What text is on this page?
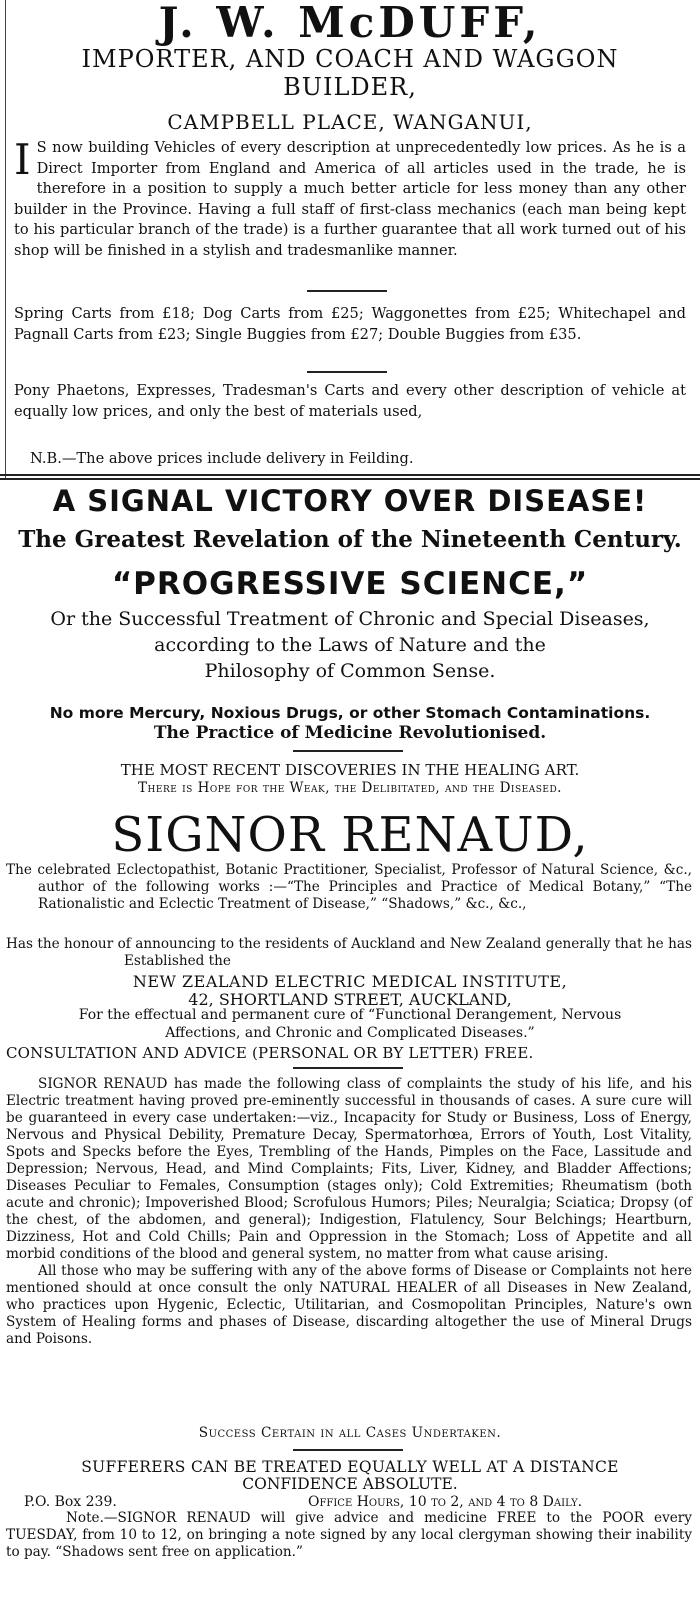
J. W. McDUFF,
IMPORTER, AND COACH AND WAGGON
BUILDER,
CAMPBELL PLACE, WANGANUI,
I S now building Vehicles of every description at unprecedentedly low prices. As he is a Direct Importer from England and America of all articles used in the trade, he is therefore in a position to supply a much better article for less money than any other builder in the Province. Having a full staff of first-class mechanics (each man being kept to his particular branch of the trade) is a further guarantee that all work turned out of his shop will be finished in a stylish and tradesmanlike manner.

Spring Carts from £18; Dog Carts from £25; Waggonettes from £25; Whitechapel and Pagnall Carts from £23; Single Buggies from £27; Double Buggies from £35.

Pony Phaetons, Expresses, Tradesman's Carts and every other description of vehicle at equally low prices, and only the best of materials used,

N.B.—The above prices include delivery in Feilding.
A SIGNAL VICTORY OVER DISEASE!
The Greatest Revelation of the Nineteenth Century.
“PROGRESSIVE SCIENCE,”
Or the Successful Treatment of Chronic and Special Diseases,
according to the Laws of Nature and the
Philosophy of Common Sense.
No more Mercury, Noxious Drugs, or other Stomach Contaminations.
The Practice of Medicine Revolutionised.
THE MOST RECENT DISCOVERIES IN THE HEALING ART.
There is Hope for the Weak, the Delibitated, and the Diseased.
SIGNOR RENAUD,

The celebrated Eclectopathist, Botanic Practitioner, Specialist, Professor of Natural Science, &c., author of the following works :—“The Principles and Practice of Medical Botany,” “The Rationalistic and Eclectic Treatment of Disease,” “Shadows,” &c., &c.,

Has the honour of announcing to the residents of Auckland and New Zealand generally that he has Established the

NEW ZEALAND ELECTRIC MEDICAL INSTITUTE,
42, SHORTLAND STREET, AUCKLAND,
For the effectual and permanent cure of “Functional Derangement, Nervous Affections, and Chronic and Complicated Diseases.”
CONSULTATION AND ADVICE (PERSONAL OR BY LETTER) FREE.

SIGNOR RENAUD has made the following class of complaints the study of his life, and his Electric treatment having proved pre-eminently successful in thousands of cases. A sure cure will be guaranteed in every case undertaken:—viz., Incapacity for Study or Business, Loss of Energy, Nervous and Physical Debility, Premature Decay, Spermatorhœa, Errors of Youth, Lost Vitality, Spots and Specks before the Eyes, Trembling of the Hands, Pimples on the Face, Lassitude and Depression; Nervous, Head, and Mind Complaints; Fits, Liver, Kidney, and Bladder Affections; Diseases Peculiar to Females, Consumption (stages only); Cold Extremities; Rheumatism (both acute and chronic); Impoverished Blood; Scrofulous Humors; Piles; Neuralgia; Sciatica; Dropsy (of the chest, of the abdomen, and general); Indigestion, Flatulency, Sour Belchings; Heartburn, Dizziness, Hot and Cold Chills; Pain and Oppression in the Stomach; Loss of Appetite and all morbid conditions of the blood and general system, no matter from what cause arising.

All those who may be suffering with any of the above forms of Disease or Complaints not here mentioned should at once consult the only NATURAL HEALER of all Diseases in New Zealand, who practices upon Hygenic, Eclectic, Utilitarian, and Cosmopolitan Principles, Nature's own System of Healing forms and phases of Disease, discarding altogether the use of Mineral Drugs and Poisons.

Success Certain in all Cases Undertaken.
SUFFERERS CAN BE TREATED EQUALLY WELL AT A DISTANCE
CONFIDENCE ABSOLUTE.
P.O. Box 239.	Office Hours, 10 to 2, and 4 to 8 Daily.

Note.—SIGNOR RENAUD will give advice and medicine FREE to the POOR every TUESDAY, from 10 to 12, on bringing a note signed by any local clergyman showing their inability to pay. “Shadows sent free on application.”
